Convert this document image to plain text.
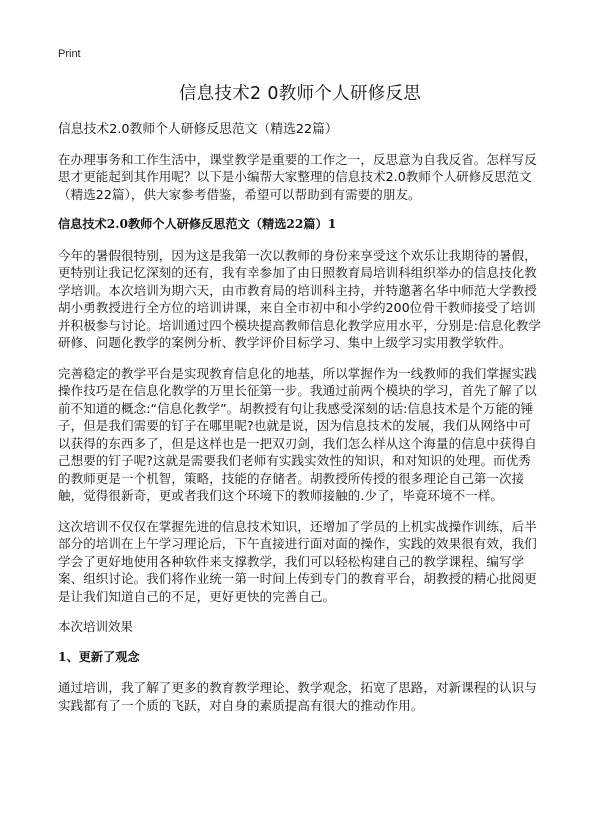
Print
信息技术2 0教师个人研修反思

信息技术2.0教师个人研修反思范文（精选22篇）

在办理事务和工作生活中，课堂教学是重要的工作之一，反思意为自我反省。怎样写反思才更能起到其作用呢？以下是小编帮大家整理的信息技术2.0教师个人研修反思范文（精选22篇），供大家参考借鉴，希望可以帮助到有需要的朋友。

信息技术2.0教师个人研修反思范文（精选22篇）1

今年的暑假很特别，因为这是我第一次以教师的身份来享受这个欢乐让我期待的暑假，更特别让我记忆深刻的还有，我有幸参加了由日照教育局培训科组织举办的信息技化教学培训。本次培训为期六天，由市教育局的培训科主持，并特邀著名华中师范大学教授胡小勇教授进行全方位的培训讲课，来自全市初中和小学约200位骨干教师接受了培训并积极参与讨论。培训通过四个模块提高教师信息化教学应用水平，分别是:信息化教学研修、问题化教学的案例分析、教学评价目标学习、集中上级学习实用教学软件。

完善稳定的教学平台是实现教育信息化的地基，所以掌握作为一线教师的我们掌握实践操作技巧是在信息化教学的万里长征第一步。我通过前两个模块的学习，首先了解了以前不知道的概念:“信息化教学”。胡教授有句让我感受深刻的话:信息技术是个万能的锤子，但是我们需要的钉子在哪里呢?也就是说，因为信息技术的发展，我们从网络中可以获得的东西多了，但是这样也是一把双刃剑，我们怎么样从这个海量的信息中获得自己想要的钉子呢?这就是需要我们老师有实践实效性的知识，和对知识的处理。而优秀的教师更是一个机智，策略，技能的存储者。胡教授所传授的很多理论自己第一次接触，觉得很新奇，更或者我们这个环境下的教师接触的.少了，毕竟环境不一样。

这次培训不仅仅在掌握先进的信息技术知识，还增加了学员的上机实战操作训练，后半部分的培训在上午学习理论后，下午直接进行面对面的操作，实践的效果很有效，我们学会了更好地使用各种软件来支撑教学，我们可以轻松构建自己的教学课程、编写学案、组织讨论。我们将作业统一第一时间上传到专门的教育平台，胡教授的精心批阅更是让我们知道自己的不足，更好更快的完善自己。

本次培训效果

1、更新了观念

通过培训，我了解了更多的教育教学理论、教学观念，拓宽了思路，对新课程的认识与实践都有了一个质的飞跃，对自身的素质提高有很大的推动作用。
